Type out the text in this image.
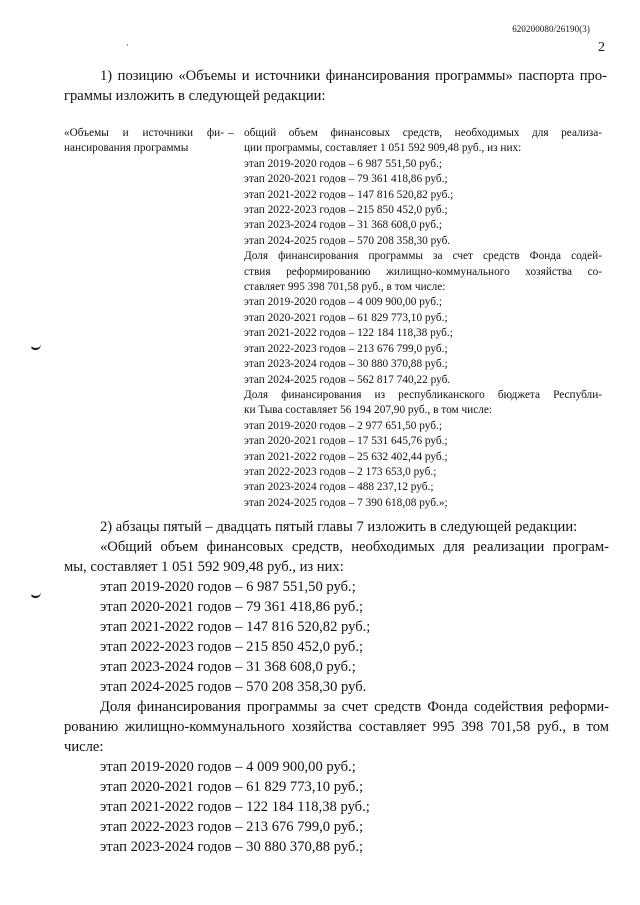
620200080/26190(3)
2
1) позицию «Объемы и источники финансирования программы» паспорта про-
граммы изложить в следующей редакции:
«Объемы и источники фи-
нансирования программы
– общий объем финансовых средств, необходимых для реализа-
ции программы, составляет 1 051 592 909,48 руб., из них:
этап 2019-2020 годов – 6 987 551,50 руб.;
этап 2020-2021 годов – 79 361 418,86 руб.;
этап 2021-2022 годов – 147 816 520,82 руб.;
этап 2022-2023 годов – 215 850 452,0 руб.;
этап 2023-2024 годов – 31 368 608,0 руб.;
этап 2024-2025 годов – 570 208 358,30 руб.
Доля финансирования программы за счет средств Фонда содей-
ствия реформированию жилищно-коммунального хозяйства со-
ставляет 995 398 701,58 руб., в том числе:
этап 2019-2020 годов – 4 009 900,00 руб.;
этап 2020-2021 годов – 61 829 773,10 руб.;
этап 2021-2022 годов – 122 184 118,38 руб.;
этап 2022-2023 годов – 213 676 799,0 руб.;
этап 2023-2024 годов – 30 880 370,88 руб.;
этап 2024-2025 годов – 562 817 740,22 руб.
Доля финансирования из республиканского бюджета Республи-
ки Тыва составляет 56 194 207,90 руб., в том числе:
этап 2019-2020 годов – 2 977 651,50 руб.;
этап 2020-2021 годов – 17 531 645,76 руб.;
этап 2021-2022 годов – 25 632 402,44 руб.;
этап 2022-2023 годов – 2 173 653,0 руб.;
этап 2023-2024 годов – 488 237,12 руб.;
этап 2024-2025 годов – 7 390 618,08 руб.»;
2) абзацы пятый – двадцать пятый главы 7 изложить в следующей редакции:
«Общий объем финансовых средств, необходимых для реализации програм-
мы, составляет 1 051 592 909,48 руб., из них:
этап 2019-2020 годов – 6 987 551,50 руб.;
этап 2020-2021 годов – 79 361 418,86 руб.;
этап 2021-2022 годов – 147 816 520,82 руб.;
этап 2022-2023 годов – 215 850 452,0 руб.;
этап 2023-2024 годов – 31 368 608,0 руб.;
этап 2024-2025 годов – 570 208 358,30 руб.
Доля финансирования программы за счет средств Фонда содействия реформи-
рованию жилищно-коммунального хозяйства составляет 995 398 701,58 руб., в том
числе:
этап 2019-2020 годов – 4 009 900,00 руб.;
этап 2020-2021 годов – 61 829 773,10 руб.;
этап 2021-2022 годов – 122 184 118,38 руб.;
этап 2022-2023 годов – 213 676 799,0 руб.;
этап 2023-2024 годов – 30 880 370,88 руб.;
